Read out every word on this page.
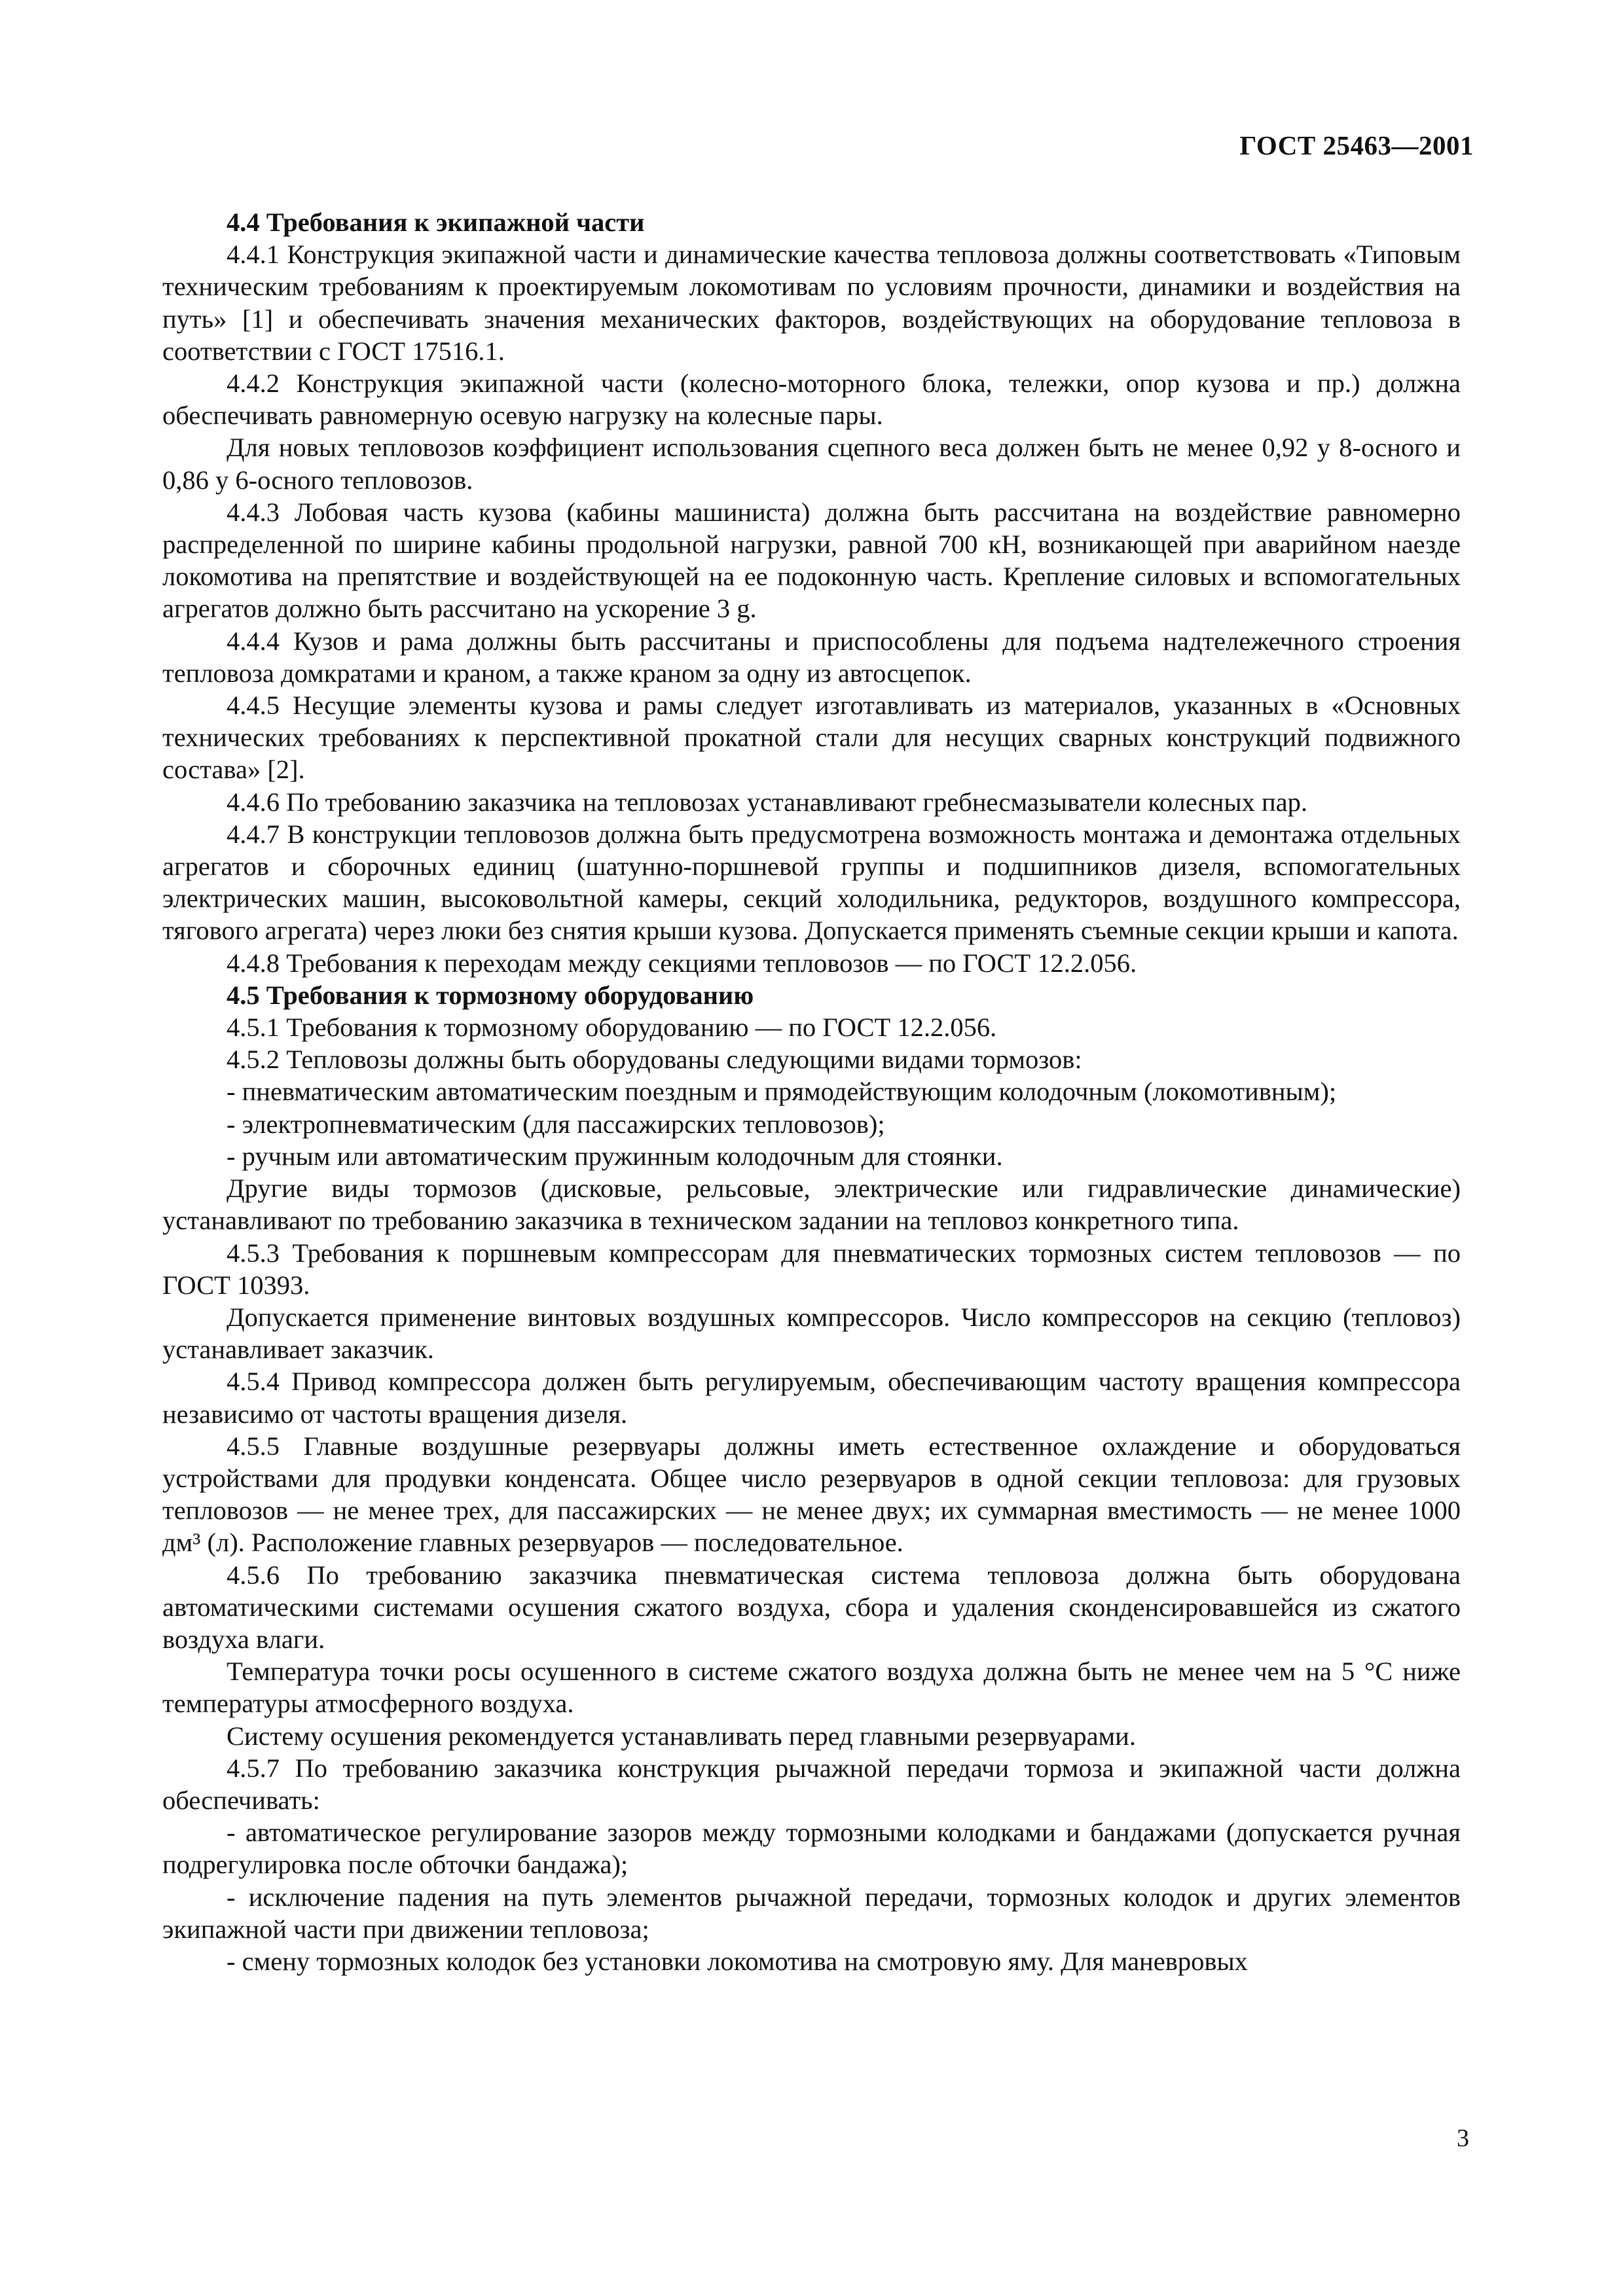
ГОСТ 25463—2001

4.4 Требования к экипажной части

4.4.1 Конструкция экипажной части и динамические качества тепловоза должны соответствовать «Типовым техническим требованиям к проектируемым локомотивам по условиям прочности, динамики и воздействия на путь» [1] и обеспечивать значения механических факторов, воздействующих на оборудование тепловоза в соответствии с ГОСТ 17516.1.

4.4.2 Конструкция экипажной части (колесно-моторного блока, тележки, опор кузова и пр.) должна обеспечивать равномерную осевую нагрузку на колесные пары.

Для новых тепловозов коэффициент использования сцепного веса должен быть не менее 0,92 у 8-осного и 0,86 у 6-осного тепловозов.

4.4.3 Лобовая часть кузова (кабины машиниста) должна быть рассчитана на воздействие равномерно распределенной по ширине кабины продольной нагрузки, равной 700 кН, возникающей при аварийном наезде локомотива на препятствие и воздействующей на ее подоконную часть. Крепление силовых и вспомогательных агрегатов должно быть рассчитано на ускорение 3 g.

4.4.4 Кузов и рама должны быть рассчитаны и приспособлены для подъема надтележечного строения тепловоза домкратами и краном, а также краном за одну из автосцепок.

4.4.5 Несущие элементы кузова и рамы следует изготавливать из материалов, указанных в «Основных технических требованиях к перспективной прокатной стали для несущих сварных конструкций подвижного состава» [2].

4.4.6 По требованию заказчика на тепловозах устанавливают гребнесмазыватели колесных пар.

4.4.7 В конструкции тепловозов должна быть предусмотрена возможность монтажа и демонтажа отдельных агрегатов и сборочных единиц (шатунно-поршневой группы и подшипников дизеля, вспомогательных электрических машин, высоковольтной камеры, секций холодильника, редукторов, воздушного компрессора, тягового агрегата) через люки без снятия крыши кузова. Допускается применять съемные секции крыши и капота.

4.4.8 Требования к переходам между секциями тепловозов — по ГОСТ 12.2.056.

4.5 Требования к тормозному оборудованию

4.5.1 Требования к тормозному оборудованию — по ГОСТ 12.2.056.

4.5.2 Тепловозы должны быть оборудованы следующими видами тормозов:

- пневматическим автоматическим поездным и прямодействующим колодочным (локомотивным);

- электропневматическим (для пассажирских тепловозов);

- ручным или автоматическим пружинным колодочным для стоянки.

Другие виды тормозов (дисковые, рельсовые, электрические или гидравлические динамические) устанавливают по требованию заказчика в техническом задании на тепловоз конкретного типа.

4.5.3 Требования к поршневым компрессорам для пневматических тормозных систем тепловозов — по ГОСТ 10393.

Допускается применение винтовых воздушных компрессоров. Число компрессоров на секцию (тепловоз) устанавливает заказчик.

4.5.4 Привод компрессора должен быть регулируемым, обеспечивающим частоту вращения компрессора независимо от частоты вращения дизеля.

4.5.5 Главные воздушные резервуары должны иметь естественное охлаждение и оборудоваться устройствами для продувки конденсата. Общее число резервуаров в одной секции тепловоза: для грузовых тепловозов — не менее трех, для пассажирских — не менее двух; их суммарная вместимость — не менее 1000 дм³ (л). Расположение главных резервуаров — последовательное.

4.5.6 По требованию заказчика пневматическая система тепловоза должна быть оборудована автоматическими системами осушения сжатого воздуха, сбора и удаления сконденсировавшейся из сжатого воздуха влаги.

Температура точки росы осушенного в системе сжатого воздуха должна быть не менее чем на 5 °С ниже температуры атмосферного воздуха.

Систему осушения рекомендуется устанавливать перед главными резервуарами.

4.5.7 По требованию заказчика конструкция рычажной передачи тормоза и экипажной части должна обеспечивать:

- автоматическое регулирование зазоров между тормозными колодками и бандажами (допускается ручная подрегулировка после обточки бандажа);

- исключение падения на путь элементов рычажной передачи, тормозных колодок и других элементов экипажной части при движении тепловоза;

- смену тормозных колодок без установки локомотива на смотровую яму. Для маневровых

3
